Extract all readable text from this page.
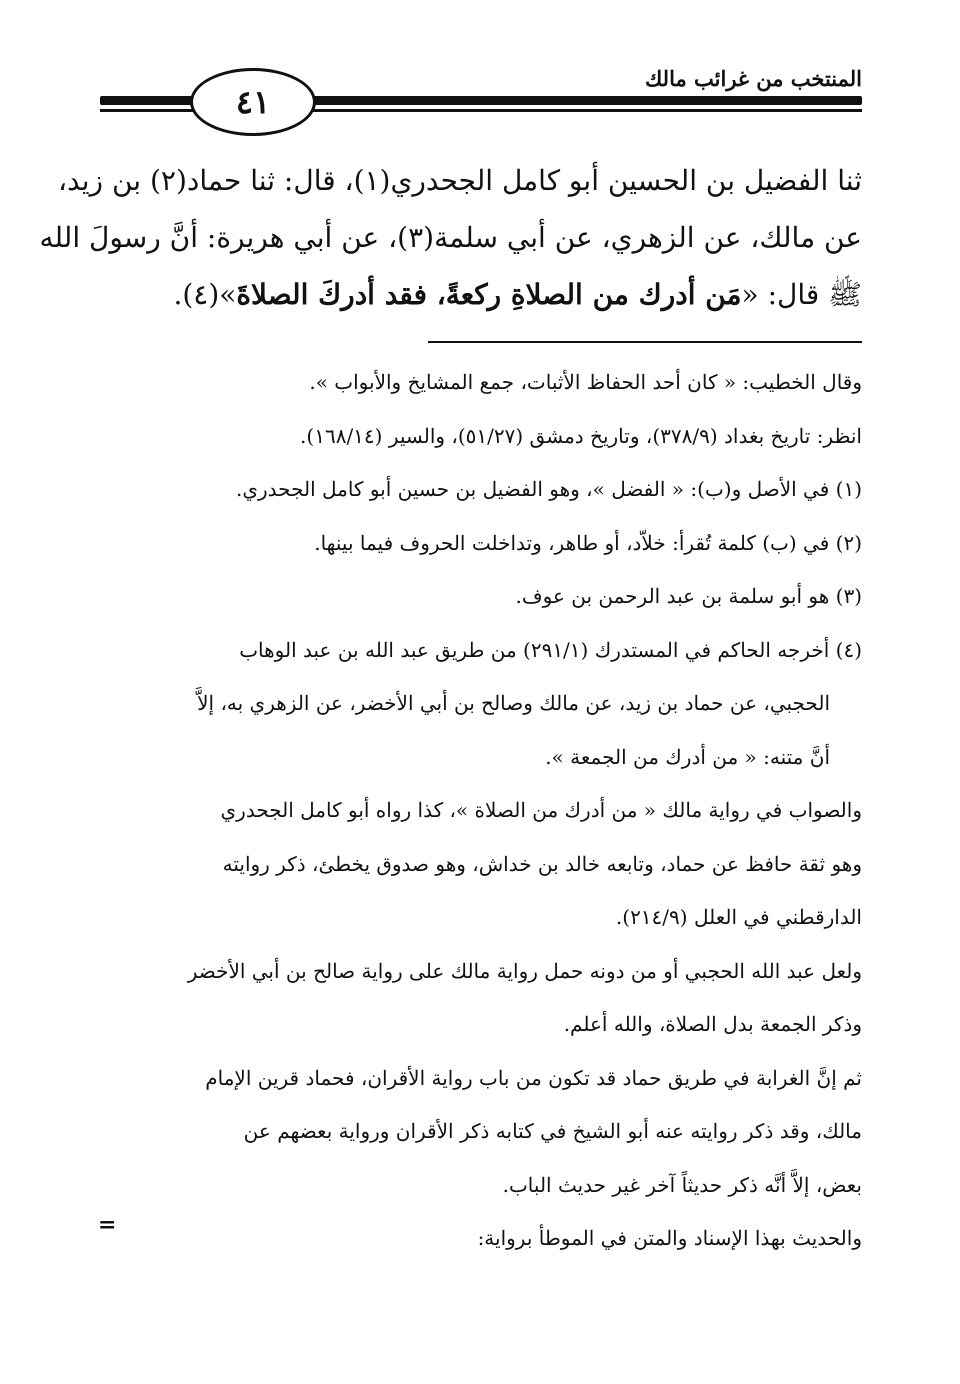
المنتخب من غرائب مالك
٤١
ثنا الفضيل بن الحسين أبو كامل الجحدري(١)، قال: ثنا حماد(٢) بن زيد،
عن مالك، عن الزهري، عن أبي سلمة(٣)، عن أبي هريرة: أنَّ رسولَ الله
ﷺ قال: «مَن أدرك من الصلاةِ ركعةً، فقد أدركَ الصلاةَ»(٤).
وقال الخطيب: « كان أحد الحفاظ الأثبات، جمع المشايخ والأبواب ».
انظر: تاريخ بغداد (٣٧٨/٩)، وتاريخ دمشق (٥١/٢٧)، والسير (١٦٨/١٤).
(١) في الأصل و(ب): « الفضل »، وهو الفضيل بن حسين أبو كامل الجحدري.
(٢) في (ب) كلمة تُقرأ: خلاّد، أو طاهر، وتداخلت الحروف فيما بينها.
(٣) هو أبو سلمة بن عبد الرحمن بن عوف.
(٤) أخرجه الحاكم في المستدرك (٢٩١/١) من طريق عبد الله بن عبد الوهاب
الحجبي، عن حماد بن زيد، عن مالك وصالح بن أبي الأخضر، عن الزهري به، إلاَّ
أنَّ متنه: « من أدرك من الجمعة ».
والصواب في رواية مالك « من أدرك من الصلاة »، كذا رواه أبو كامل الجحدري
وهو ثقة حافظ عن حماد، وتابعه خالد بن خداش، وهو صدوق يخطئ، ذكر روايته
الدارقطني في العلل (٢١٤/٩).
ولعل عبد الله الحجبي أو من دونه حمل رواية مالك على رواية صالح بن أبي الأخضر
وذكر الجمعة بدل الصلاة، والله أعلم.
ثم إنَّ الغرابة في طريق حماد قد تكون من باب رواية الأقران، فحماد قرين الإمام
مالك، وقد ذكر روايته عنه أبو الشيخ في كتابه ذكر الأقران ورواية بعضهم عن
بعض، إلاَّ أنَّه ذكر حديثاً آخر غير حديث الباب.
والحديث بهذا الإسناد والمتن في الموطأ برواية:
=
